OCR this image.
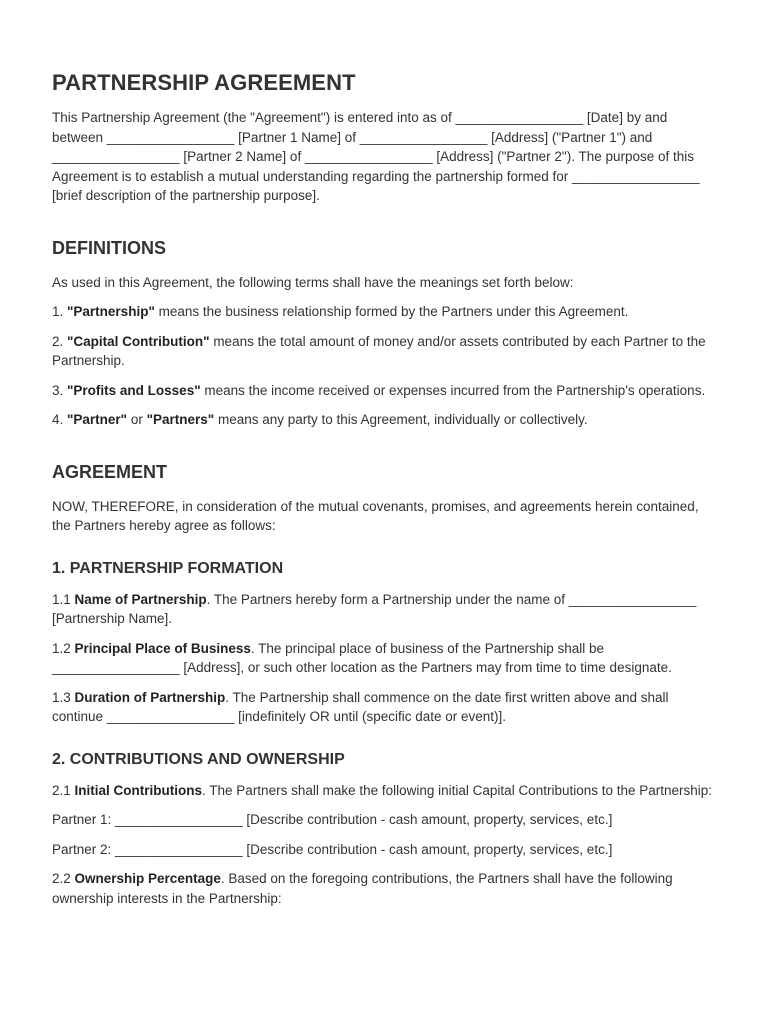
PARTNERSHIP AGREEMENT

This Partnership Agreement (the "Agreement") is entered into as of _________________ [Date] by and between _________________ [Partner 1 Name] of _________________ [Address] ("Partner 1") and _________________ [Partner 2 Name] of _________________ [Address] ("Partner 2"). The purpose of this Agreement is to establish a mutual understanding regarding the partnership formed for _________________ [brief description of the partnership purpose].

DEFINITIONS

As used in this Agreement, the following terms shall have the meanings set forth below:

1. "Partnership" means the business relationship formed by the Partners under this Agreement.

2. "Capital Contribution" means the total amount of money and/or assets contributed by each Partner to the Partnership.

3. "Profits and Losses" means the income received or expenses incurred from the Partnership's operations.

4. "Partner" or "Partners" means any party to this Agreement, individually or collectively.

AGREEMENT

NOW, THEREFORE, in consideration of the mutual covenants, promises, and agreements herein contained, the Partners hereby agree as follows:

1. PARTNERSHIP FORMATION

1.1 Name of Partnership. The Partners hereby form a Partnership under the name of _________________ [Partnership Name].

1.2 Principal Place of Business. The principal place of business of the Partnership shall be _________________ [Address], or such other location as the Partners may from time to time designate.

1.3 Duration of Partnership. The Partnership shall commence on the date first written above and shall continue _________________ [indefinitely OR until (specific date or event)].

2. CONTRIBUTIONS AND OWNERSHIP

2.1 Initial Contributions. The Partners shall make the following initial Capital Contributions to the Partnership:

Partner 1: _________________ [Describe contribution - cash amount, property, services, etc.]

Partner 2: _________________ [Describe contribution - cash amount, property, services, etc.]

2.2 Ownership Percentage. Based on the foregoing contributions, the Partners shall have the following ownership interests in the Partnership:
